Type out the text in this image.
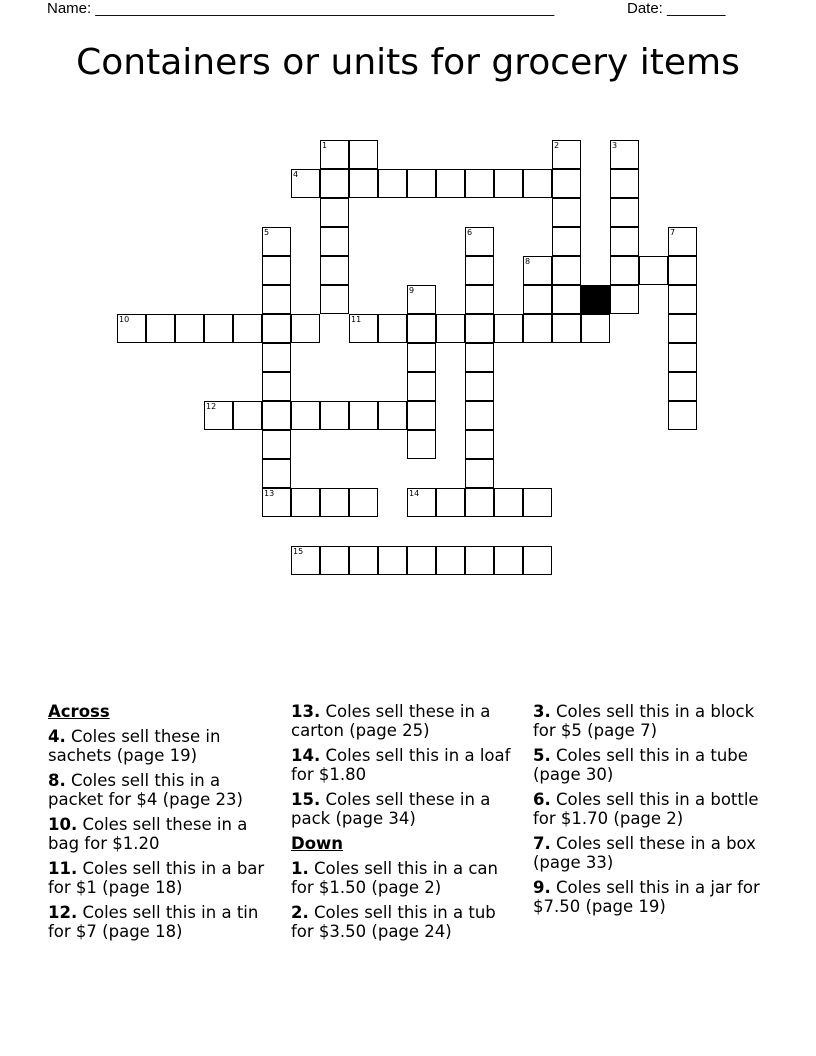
Name: _______________________________________________________	Date: _______
Containers or units for grocery items
1	2	3
4
5	6	7
8
9
10	11
12
13	14
15
Across
4. Coles sell these in sachets (page 19)
8. Coles sell this in a packet for $4 (page 23)
10. Coles sell these in a bag for $1.20
11. Coles sell this in a bar for $1 (page 18)
12. Coles sell this in a tin for $7 (page 18)
13. Coles sell these in a carton (page 25)
14. Coles sell this in a loaf for $1.80
15. Coles sell these in a pack (page 34)
Down
1. Coles sell this in a can for $1.50 (page 2)
2. Coles sell this in a tub for $3.50 (page 24)
3. Coles sell this in a block for $5 (page 7)
5. Coles sell this in a tube (page 30)
6. Coles sell this in a bottle for $1.70 (page 2)
7. Coles sell these in a box (page 33)
9. Coles sell this in a jar for $7.50 (page 19)
